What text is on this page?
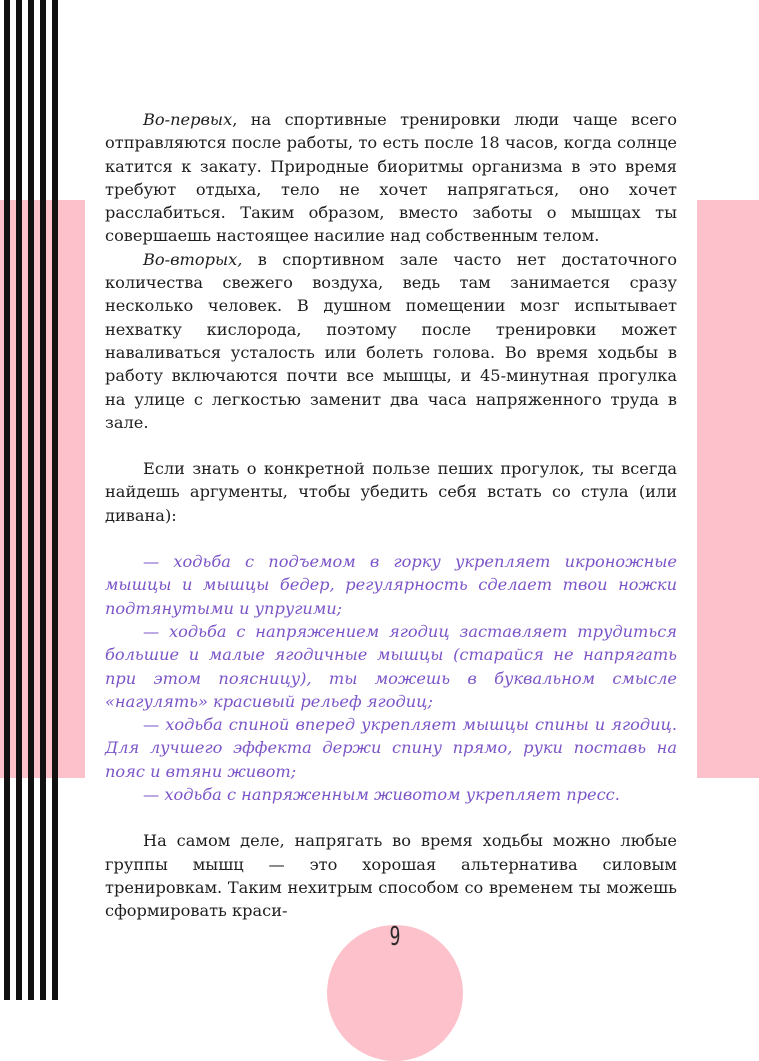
9

Во-первых, на спортивные тренировки люди чаще всего отправляются после работы, то есть после 18 часов, когда солнце катится к закату. Природные биоритмы организма в это время требуют отдыха, тело не хочет напрягаться, оно хочет расслабиться. Таким образом, вместо заботы о мышцах ты совершаешь настоящее насилие над собственным телом.

Во-вторых, в спортивном зале часто нет достаточного количества свежего воздуха, ведь там занимается сразу несколько человек. В душном помещении мозг испытывает нехватку кислорода, поэтому после тренировки может наваливаться усталость или болеть голова. Во время ходьбы в работу включаются почти все мышцы, и 45-минутная прогулка на улице с легкостью заменит два часа напряженного труда в зале.

Если знать о конкретной пользе пеших прогулок, ты всегда найдешь аргументы, чтобы убедить себя встать со стула (или дивана):

— ходьба с подъемом в горку укрепляет икроножные мышцы и мышцы бедер, регулярность сделает твои ножки подтянутыми и упругими;

— ходьба с напряжением ягодиц заставляет трудиться большие и малые ягодичные мышцы (старайся не напрягать при этом поясницу), ты можешь в буквальном смысле «нагулять» красивый рельеф ягодиц;

— ходьба спиной вперед укрепляет мышцы спины и ягодиц. Для лучшего эффекта держи спину прямо, руки поставь на пояс и втяни живот;

— ходьба с напряженным животом укрепляет пресс.

На самом деле, напрягать во время ходьбы можно любые группы мышц — это хорошая альтернатива силовым тренировкам. Таким нехитрым способом со временем ты можешь сформировать краси-
